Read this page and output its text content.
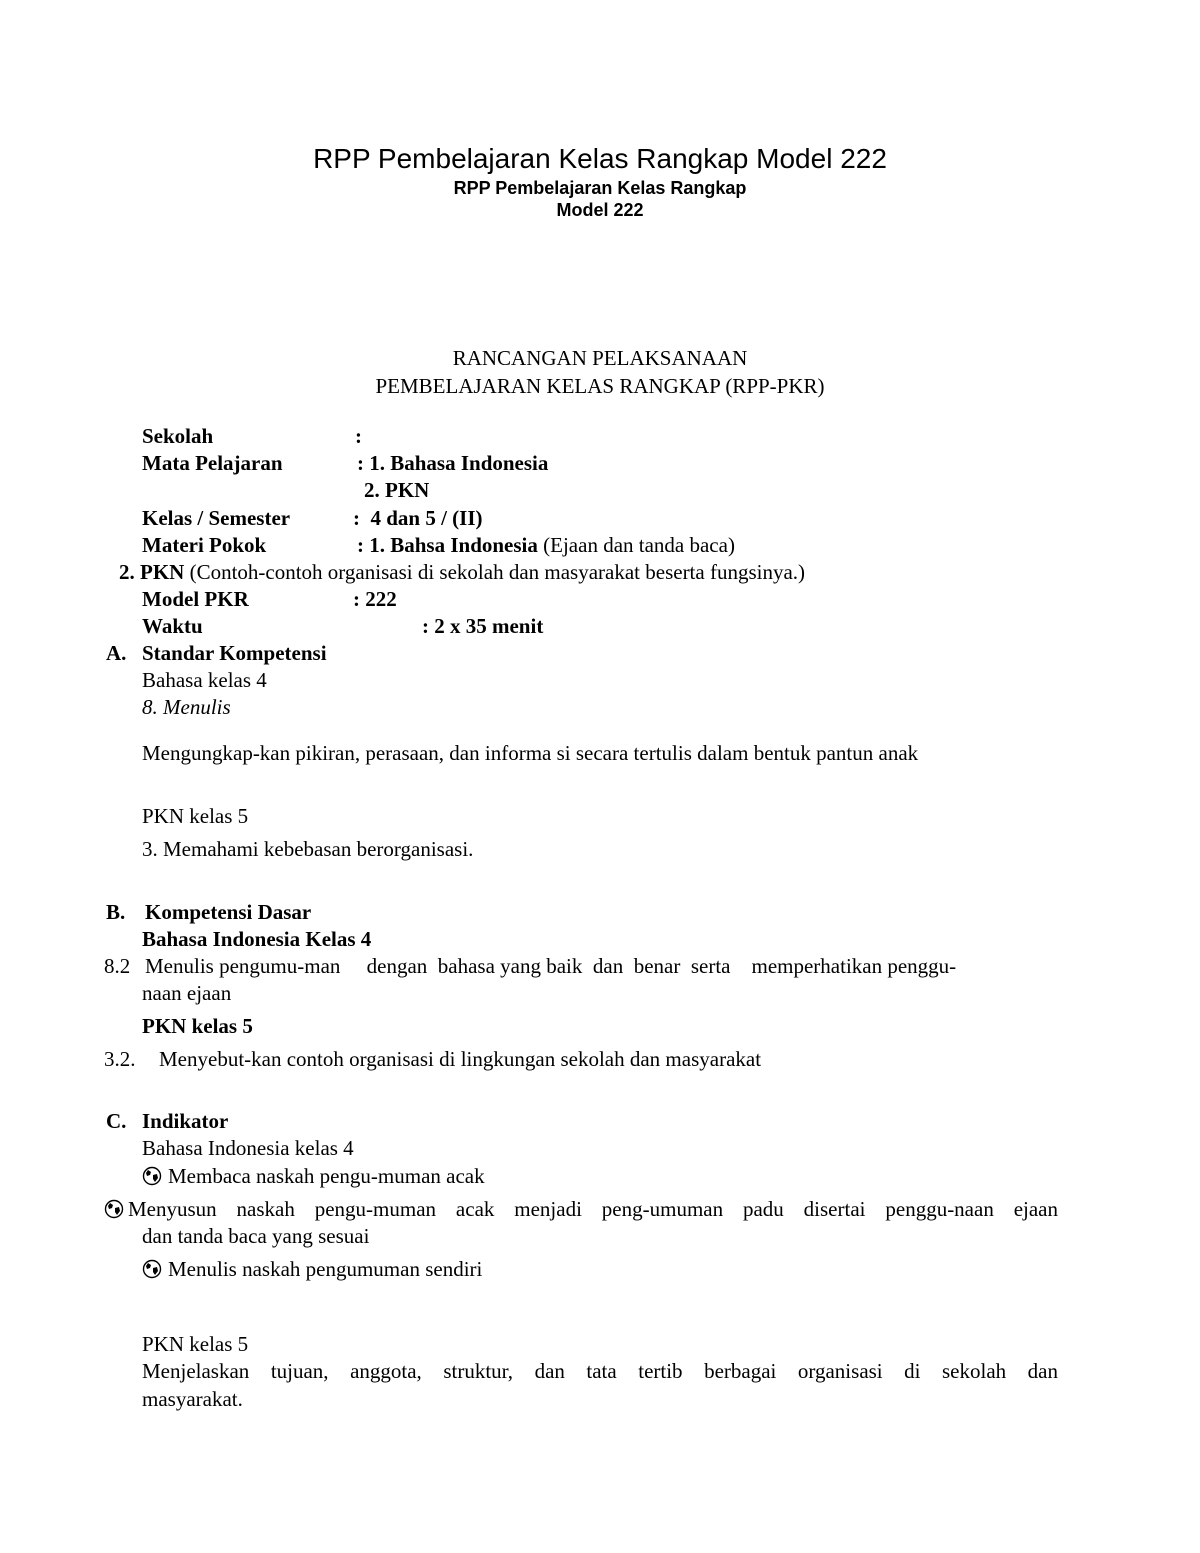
RPP Pembelajaran Kelas Rangkap Model 222
RPP Pembelajaran Kelas Rangkap
Model 222
RANCANGAN PELAKSANAAN
PEMBELAJARAN KELAS RANGKAP (RPP-PKR)
Sekolah	:
Mata Pelajaran	: 1. Bahasa Indonesia
2. PKN
Kelas / Semester	:  4 dan 5 / (II)
Materi Pokok	: 1. Bahsa Indonesia (Ejaan dan tanda baca)
2. PKN (Contoh-contoh organisasi di sekolah dan masyarakat beserta fungsinya.)
Model PKR	: 222
Waktu	: 2 x 35 menit
A. Standar Kompetensi
Bahasa kelas 4
8. Menulis
Mengungkap-kan pikiran, perasaan, dan informa si secara tertulis dalam bentuk pantun anak
PKN kelas 5
3. Memahami kebebasan berorganisasi.
B. Kompetensi Dasar
Bahasa Indonesia Kelas 4
8.2 Menulis pengumu-man     dengan  bahasa yang baik  dan  benar  serta    memperhatikan penggu-
naan ejaan
PKN kelas 5
3.2. Menyebut-kan contoh organisasi di lingkungan sekolah dan masyarakat
C. Indikator
Bahasa Indonesia kelas 4
Membaca naskah pengu-muman acak
Menyusun naskah pengu-muman acak menjadi peng-umuman padu disertai penggu-naan ejaan
dan tanda baca yang sesuai
Menulis naskah pengumuman sendiri
PKN kelas 5
Menjelaskan tujuan, anggota, struktur, dan tata tertib berbagai organisasi di sekolah dan
masyarakat.
